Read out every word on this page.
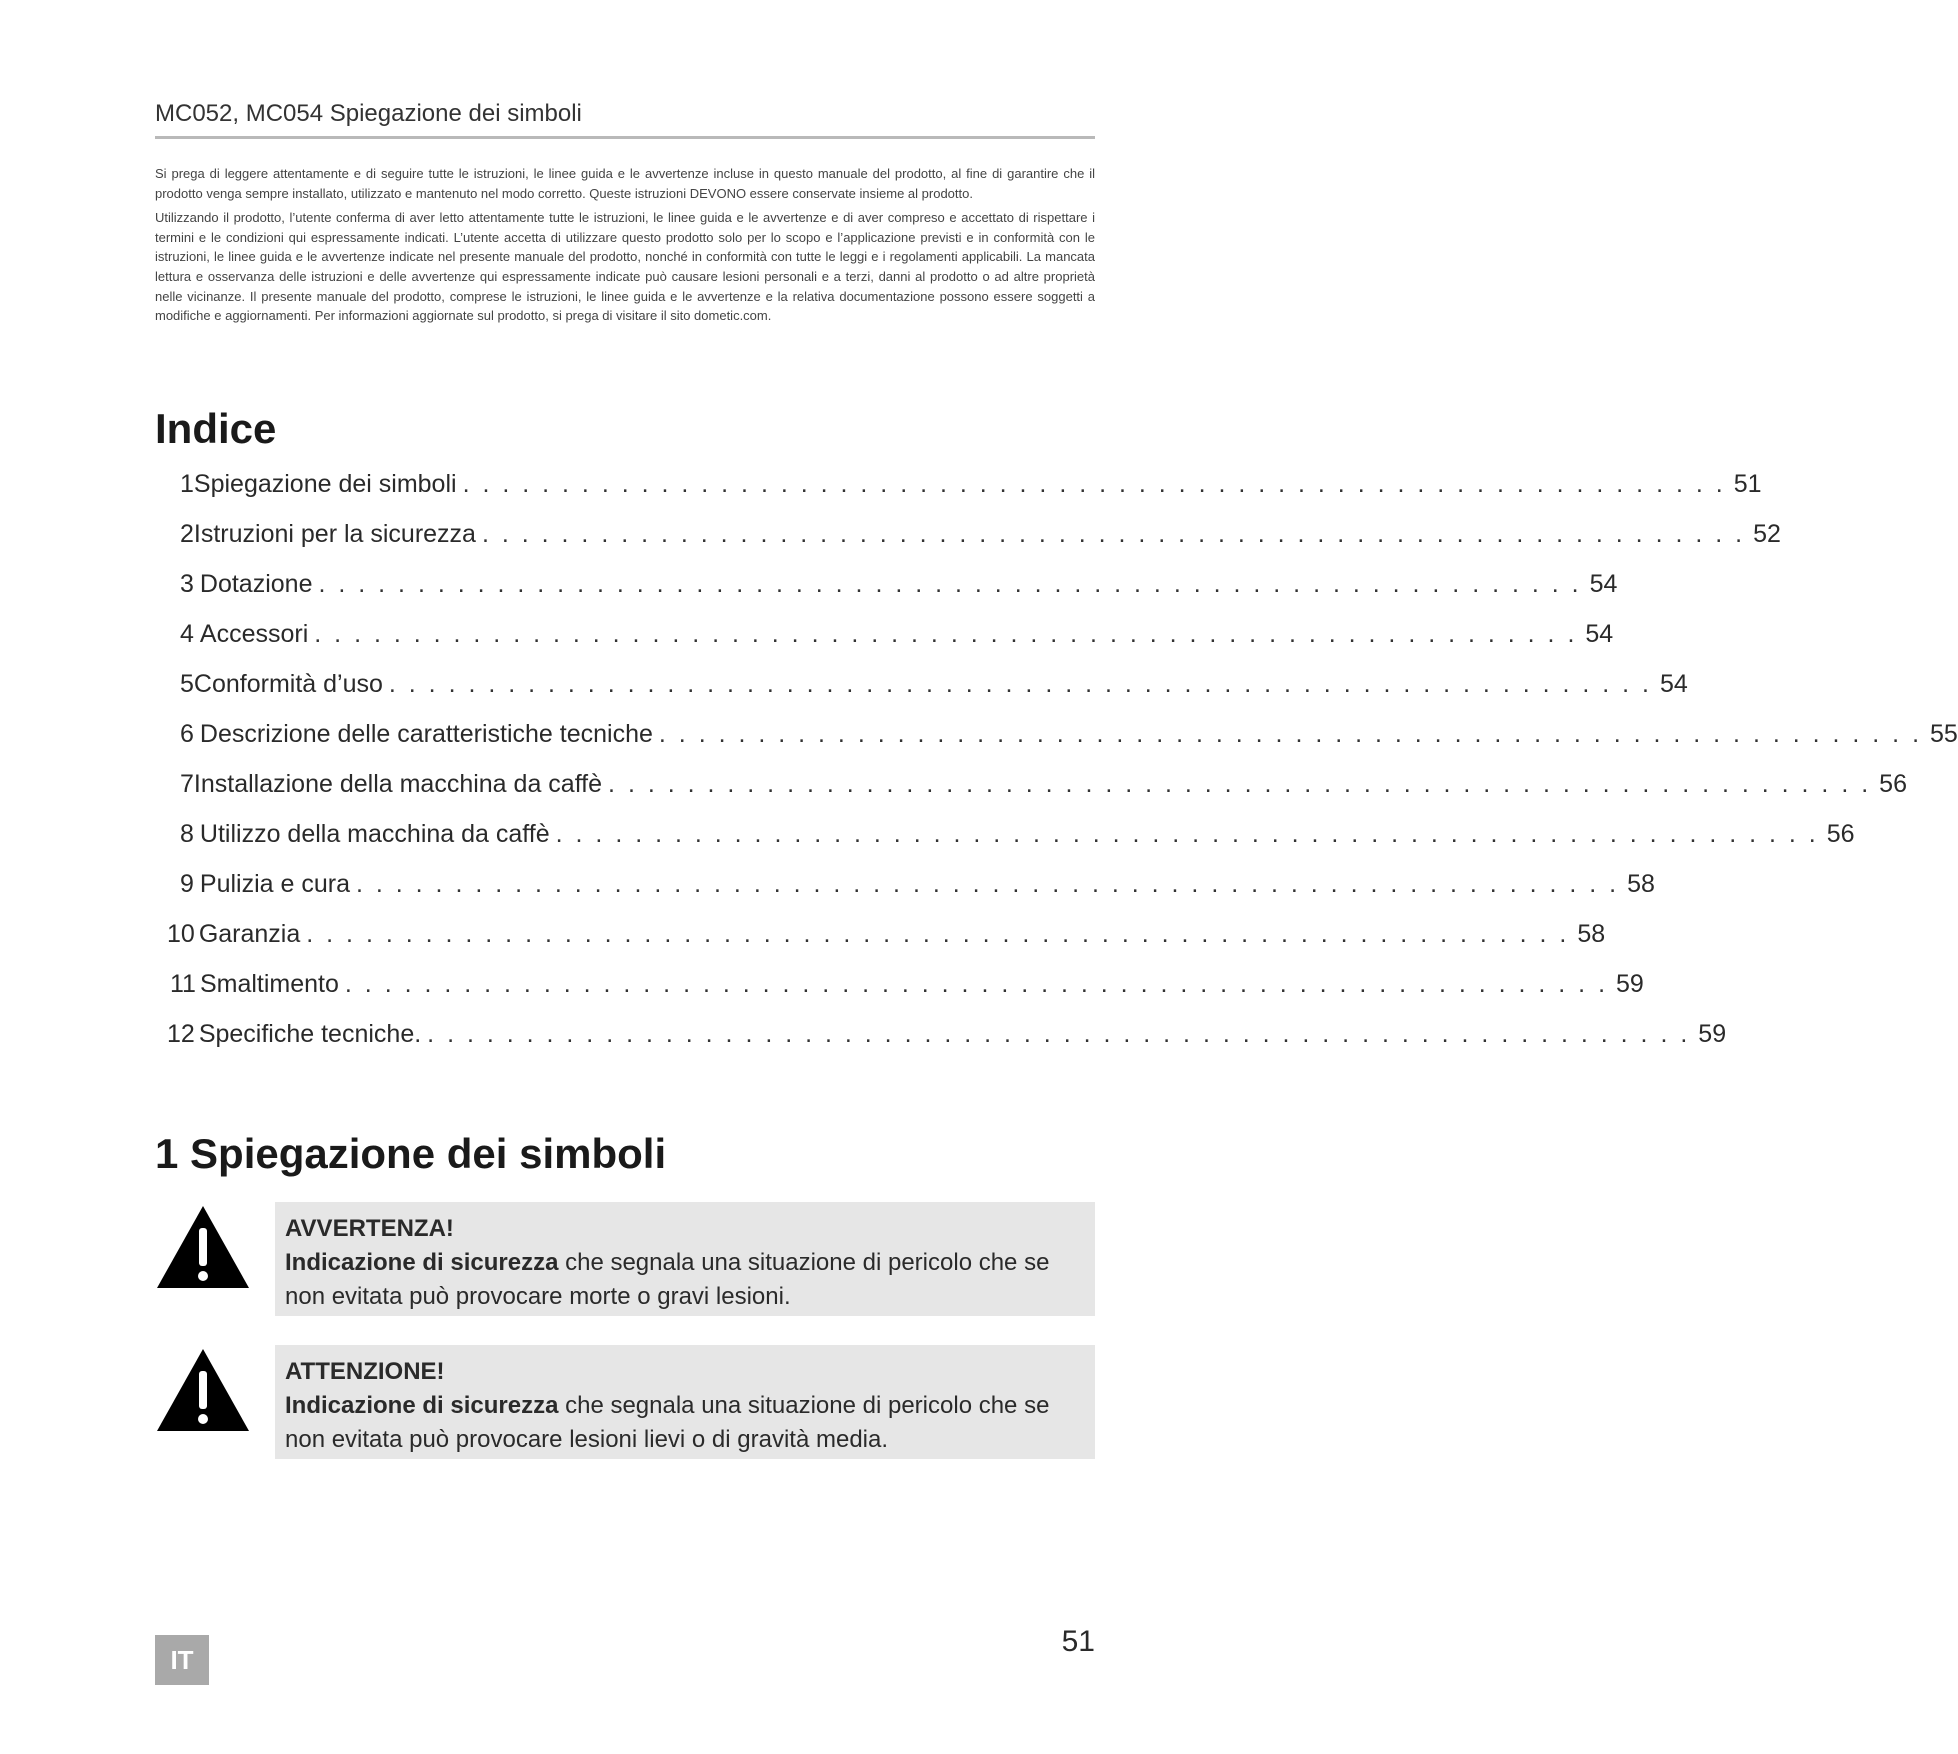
MC052, MC054 Spiegazione dei simboli

Si prega di leggere attentamente e di seguire tutte le istruzioni, le linee guida e le avvertenze incluse in questo manuale del prodotto, al fine di garantire che il prodotto venga sempre installato, utilizzato e mantenuto nel modo corretto. Queste istruzioni DEVONO essere conservate insieme al prodotto.

Utilizzando il prodotto, l’utente conferma di aver letto attentamente tutte le istruzioni, le linee guida e le avvertenze e di aver compreso e accettato di rispettare i termini e le condizioni qui espressamente indicati. L’utente accetta di utilizzare questo prodotto solo per lo scopo e l’applicazione previsti e in conformità con le istruzioni, le linee guida e le avvertenze indicate nel presente manuale del prodotto, nonché in conformità con tutte le leggi e i regolamenti applicabili. La mancata lettura e osservanza delle istruzioni e delle avvertenze qui espressamente indicate può causare lesioni personali e a terzi, danni al prodotto o ad altre proprietà nelle vicinanze. Il presente manuale del prodotto, comprese le istruzioni, le linee guida e le avvertenze e la relativa documentazione possono essere soggetti a modifiche e aggiornamenti. Per informazioni aggiornate sul prodotto, si prega di visitare il sito dometic.com.

Indice
1 Spiegazione dei simboli . . . . . . . . . . . . . . . . . . . . . . . . . . . . . . . . . . . . . . . . . . . . . . . . . . . . . . . . . . . . . . . . 51
2 Istruzioni per la sicurezza . . . . . . . . . . . . . . . . . . . . . . . . . . . . . . . . . . . . . . . . . . . . . . . . . . . . . . . . . . . . . . . . 52
3 Dotazione . . . . . . . . . . . . . . . . . . . . . . . . . . . . . . . . . . . . . . . . . . . . . . . . . . . . . . . . . . . . . . . . 54
4 Accessori . . . . . . . . . . . . . . . . . . . . . . . . . . . . . . . . . . . . . . . . . . . . . . . . . . . . . . . . . . . . . . . . 54
5 Conformità d’uso . . . . . . . . . . . . . . . . . . . . . . . . . . . . . . . . . . . . . . . . . . . . . . . . . . . . . . . . . . . . . . . . 54
6 Descrizione delle caratteristiche tecniche . . . . . . . . . . . . . . . . . . . . . . . . . . . . . . . . . . . . . . . . . . . . . . . . . . . . . . . . . . . . . . . . 55
7 Installazione della macchina da caffè . . . . . . . . . . . . . . . . . . . . . . . . . . . . . . . . . . . . . . . . . . . . . . . . . . . . . . . . . . . . . . . . 56
8 Utilizzo della macchina da caffè . . . . . . . . . . . . . . . . . . . . . . . . . . . . . . . . . . . . . . . . . . . . . . . . . . . . . . . . . . . . . . . . 56
9 Pulizia e cura . . . . . . . . . . . . . . . . . . . . . . . . . . . . . . . . . . . . . . . . . . . . . . . . . . . . . . . . . . . . . . . . 58
10 Garanzia . . . . . . . . . . . . . . . . . . . . . . . . . . . . . . . . . . . . . . . . . . . . . . . . . . . . . . . . . . . . . . . . 58
11 Smaltimento . . . . . . . . . . . . . . . . . . . . . . . . . . . . . . . . . . . . . . . . . . . . . . . . . . . . . . . . . . . . . . . . 59
12 Specifiche tecniche. . . . . . . . . . . . . . . . . . . . . . . . . . . . . . . . . . . . . . . . . . . . . . . . . . . . . . . . . . . . . . . . . 59
1 Spiegazione dei simboli
AVVERTENZA!
Indicazione di sicurezza che segnala una situazione di pericolo che se non evitata può provocare morte o gravi lesioni.
ATTENZIONE!
Indicazione di sicurezza che segnala una situazione di pericolo che se non evitata può provocare lesioni lievi o di gravità media.
IT
51
